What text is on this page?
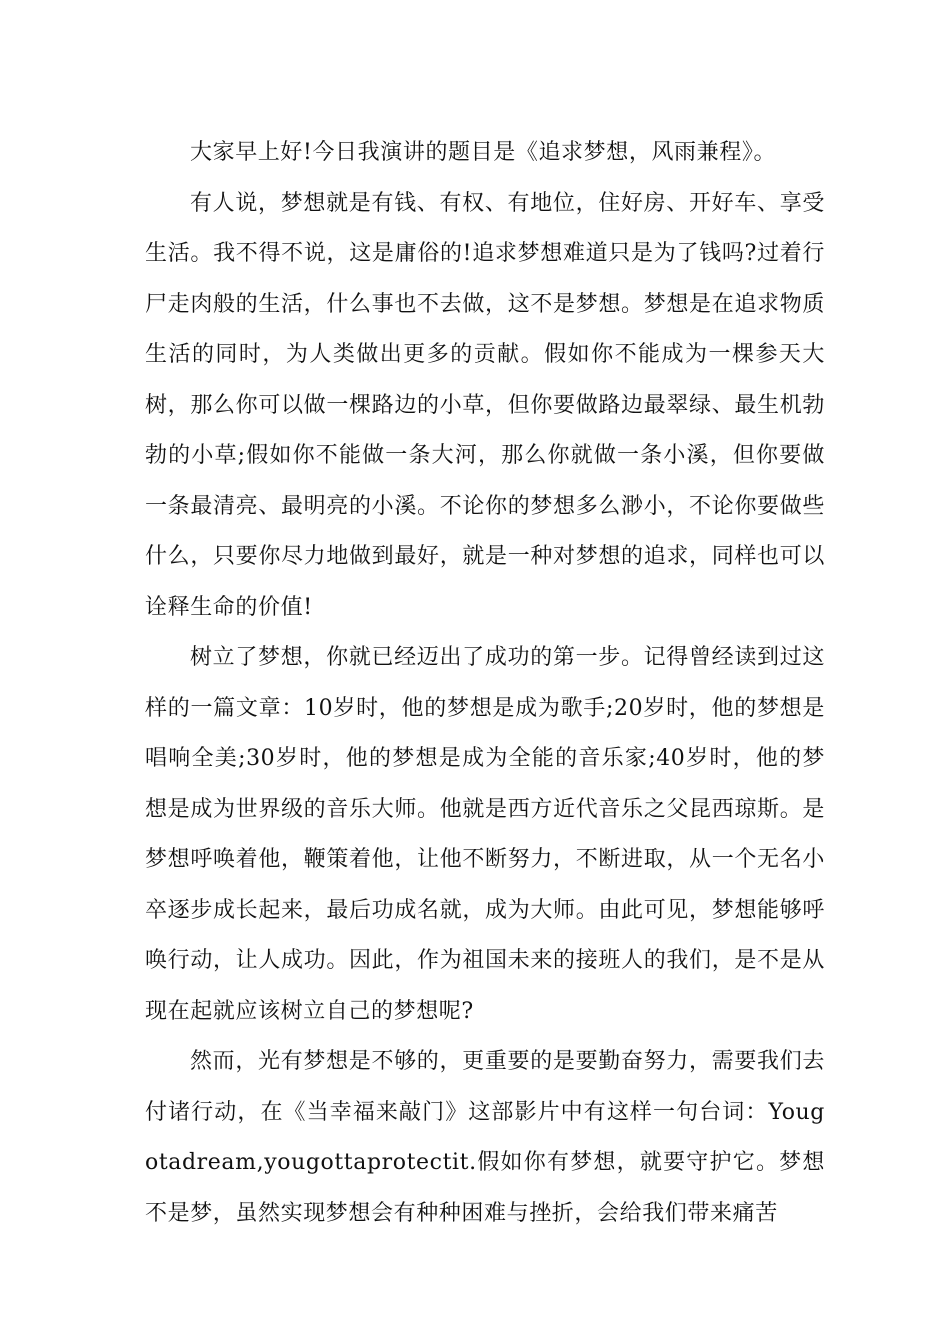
大家早上好!今日我演讲的题目是《追求梦想，风雨兼程》。

有人说，梦想就是有钱、有权、有地位，住好房、开好车、享受生活。我不得不说，这是庸俗的!追求梦想难道只是为了钱吗?过着行尸走肉般的生活，什么事也不去做，这不是梦想。梦想是在追求物质生活的同时，为人类做出更多的贡献。假如你不能成为一棵参天大树，那么你可以做一棵路边的小草，但你要做路边最翠绿、最生机勃勃的小草;假如你不能做一条大河，那么你就做一条小溪，但你要做一条最清亮、最明亮的小溪。不论你的梦想多么渺小，不论你要做些什么，只要你尽力地做到最好，就是一种对梦想的追求，同样也可以诠释生命的价值!

树立了梦想，你就已经迈出了成功的第一步。记得曾经读到过这样的一篇文章：10岁时，他的梦想是成为歌手;20岁时，他的梦想是唱响全美;30岁时，他的梦想是成为全能的音乐家;40岁时，他的梦想是成为世界级的音乐大师。他就是西方近代音乐之父昆西琼斯。是梦想呼唤着他，鞭策着他，让他不断努力，不断进取，从一个无名小卒逐步成长起来，最后功成名就，成为大师。由此可见，梦想能够呼唤行动，让人成功。因此，作为祖国未来的接班人的我们，是不是从现在起就应该树立自己的梦想呢?

然而，光有梦想是不够的，更重要的是要勤奋努力，需要我们去付诸行动，在《当幸福来敲门》这部影片中有这样一句台词：Yougotadream,yougottaprotectit.假如你有梦想，就要守护它。梦想不是梦，虽然实现梦想会有种种困难与挫折，会给我们带来痛苦
